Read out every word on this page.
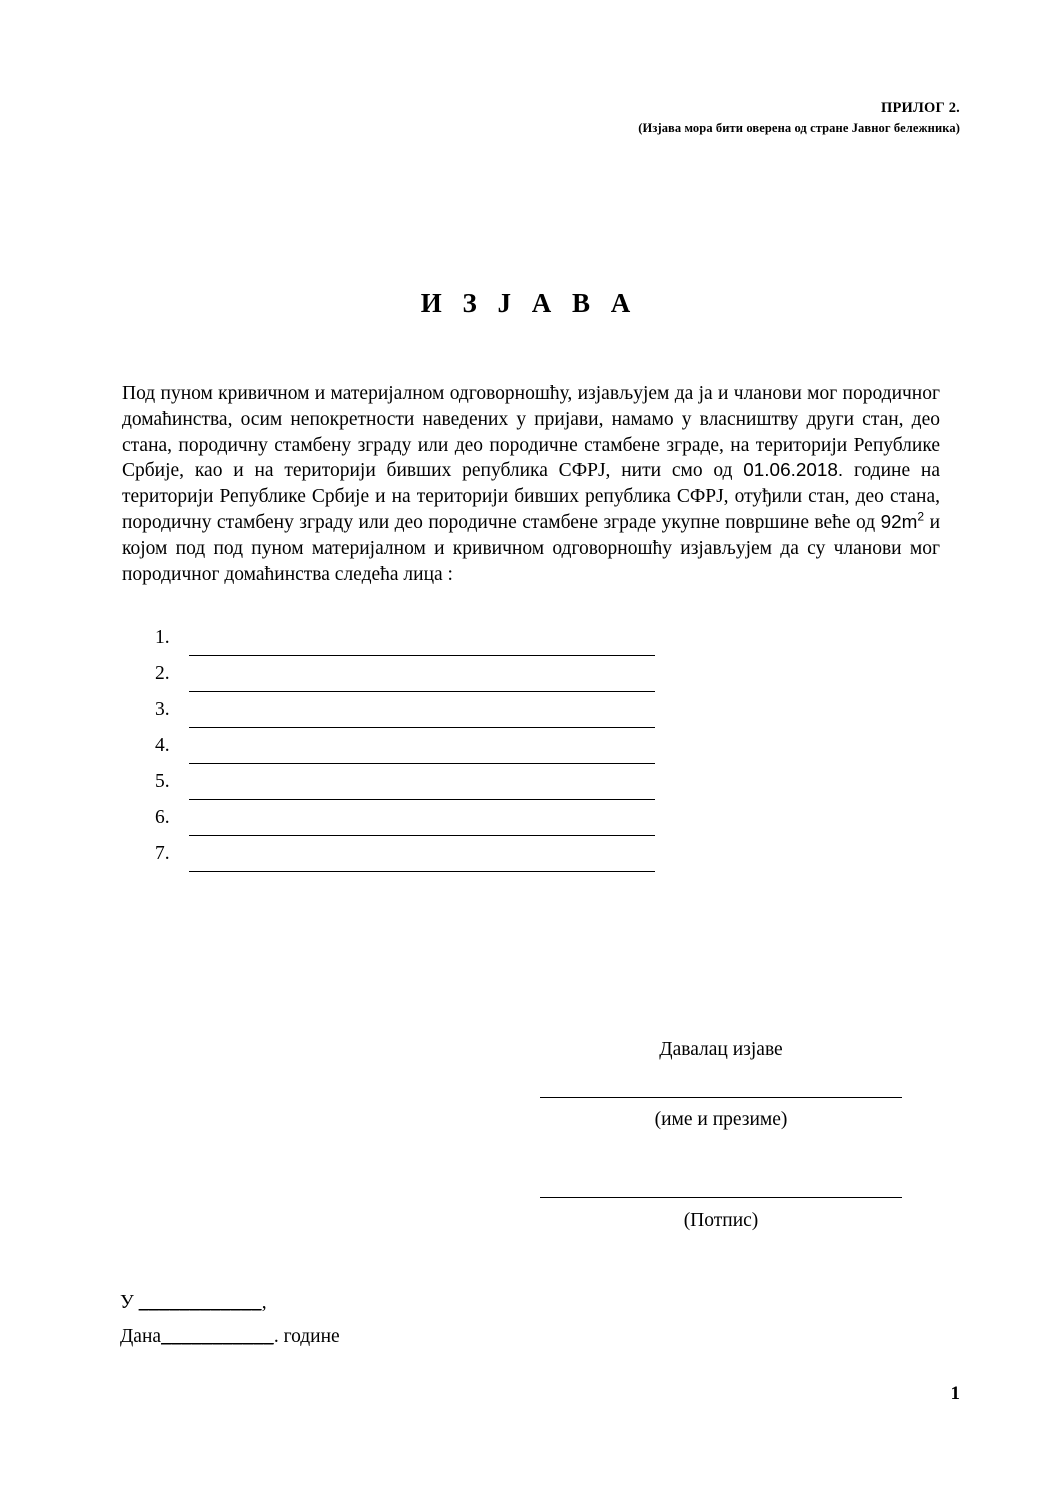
ПРИЛОГ 2.
(Изјава мора бити оверена од стране Јавног бележника)
И З Ј А В А

Под пуном кривичном и материјалном одговорношћу, изјављујем да ја и чланови мог породичног домаћинства, осим непокретности наведених у пријави, намамо у власништву други стан, део стана, породичну стамбену зграду или део породичне стамбене зграде, на територији Републике Србије, као и на територији бивших република СФРЈ, нити смо од 01.06.2018. године на територији Републике Србије и на територији бивших република СФРЈ, отуђили стан, део стана, породичну стамбену зграду или део породичне стамбене зграде укупне површине веће од $92m^2$ и којом под под пуном материјалном и кривичном одговорношћу изјављујем да су чланови мог породичног домаћинства следећа лица :

1.
2.
3.
4.
5.
6.
7.
Давалац изјаве
(име и презиме)
(Потпис)
У ____________,
Дана___________. године
1
